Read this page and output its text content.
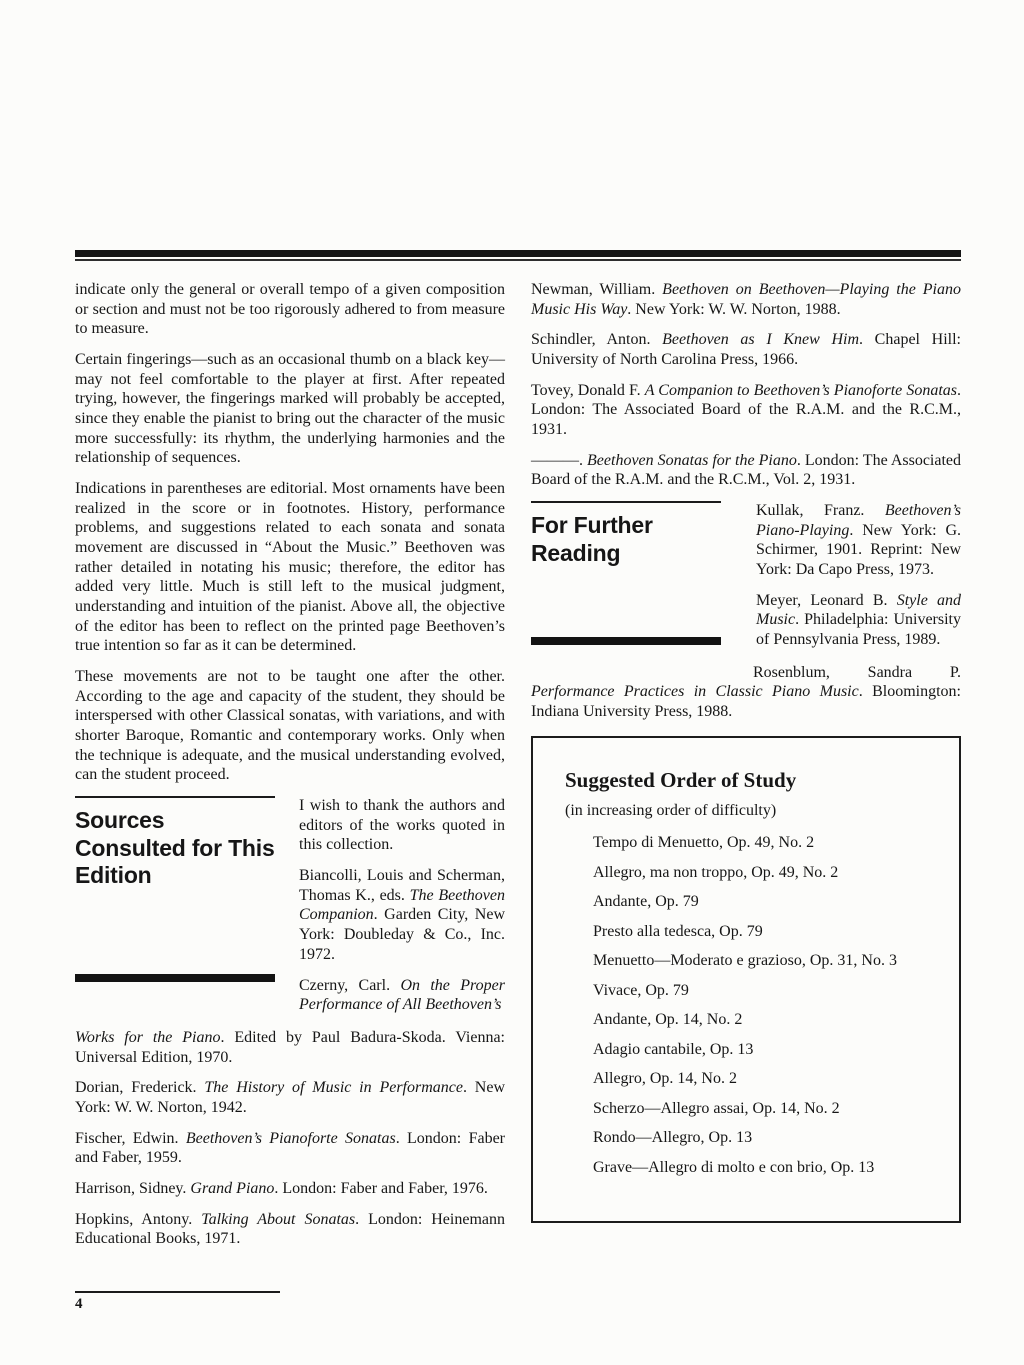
indicate only the general or overall tempo of a given composition or section and must not be too rigorously adhered to from measure to measure.

Certain fingerings—such as an occasional thumb on a black key—may not feel comfortable to the player at first. After repeated trying, however, the fingerings marked will probably be accepted, since they enable the pianist to bring out the character of the music more successfully: its rhythm, the underlying harmonies and the relationship of sequences.

Indications in parentheses are editorial. Most ornaments have been realized in the score or in footnotes. History, performance problems, and suggestions related to each sonata and sonata movement are discussed in “About the Music.” Beethoven was rather detailed in notating his music; therefore, the editor has added very little. Much is still left to the musical judgment, understanding and intuition of the pianist. Above all, the objective of the editor has been to reflect on the printed page Beethoven’s true intention so far as it can be determined.

These movements are not to be taught one after the other. According to the age and capacity of the student, they should be interspersed with other Classical sonatas, with variations, and with shorter Baroque, Romantic and contemporary works. Only when the technique is adequate, and the musical understanding evolved, can the student proceed.

Sources Consulted for This Edition

I wish to thank the authors and editors of the works quoted in this collection.

Biancolli, Louis and Scherman, Thomas K., eds. The Beethoven Companion. Garden City, New York: Doubleday & Co., Inc. 1972.

Czerny, Carl. On the Proper Performance of All Beethoven’s

Works for the Piano. Edited by Paul Badura-Skoda. Vienna: Universal Edition, 1970.

Dorian, Frederick. The History of Music in Performance. New York: W. W. Norton, 1942.

Fischer, Edwin. Beethoven’s Pianoforte Sonatas. London: Faber and Faber, 1959.

Harrison, Sidney. Grand Piano. London: Faber and Faber, 1976.

Hopkins, Antony. Talking About Sonatas. London: Heinemann Educational Books, 1971.

Newman, William. Beethoven on Beethoven—Playing the Piano Music His Way. New York: W. W. Norton, 1988.

Schindler, Anton. Beethoven as I Knew Him. Chapel Hill: University of North Carolina Press, 1966.

Tovey, Donald F. A Companion to Beethoven’s Pianoforte Sonatas. London: The Associated Board of the R.A.M. and the R.C.M., 1931.

———. Beethoven Sonatas for the Piano. London: The Associated Board of the R.A.M. and the R.C.M., Vol. 2, 1931.

For Further Reading

Kullak, Franz. Beethoven’s Piano-Playing. New York: G. Schirmer, 1901. Reprint: New York: Da Capo Press, 1973.

Meyer, Leonard B. Style and Music. Philadelphia: University of Pennsylvania Press, 1989.

Rosenblum, Sandra P. Performance Practices in Classic Piano Music. Bloomington: Indiana University Press, 1988.

Suggested Order of Study

(in increasing order of difficulty)

Tempo di Menuetto, Op. 49, No. 2
Allegro, ma non troppo, Op. 49, No. 2
Andante, Op. 79
Presto alla tedesca, Op. 79
Menuetto—Moderato e grazioso, Op. 31, No. 3
Vivace, Op. 79
Andante, Op. 14, No. 2
Adagio cantabile, Op. 13
Allegro, Op. 14, No. 2
Scherzo—Allegro assai, Op. 14, No. 2
Rondo—Allegro, Op. 13
Grave—Allegro di molto e con brio, Op. 13
4
